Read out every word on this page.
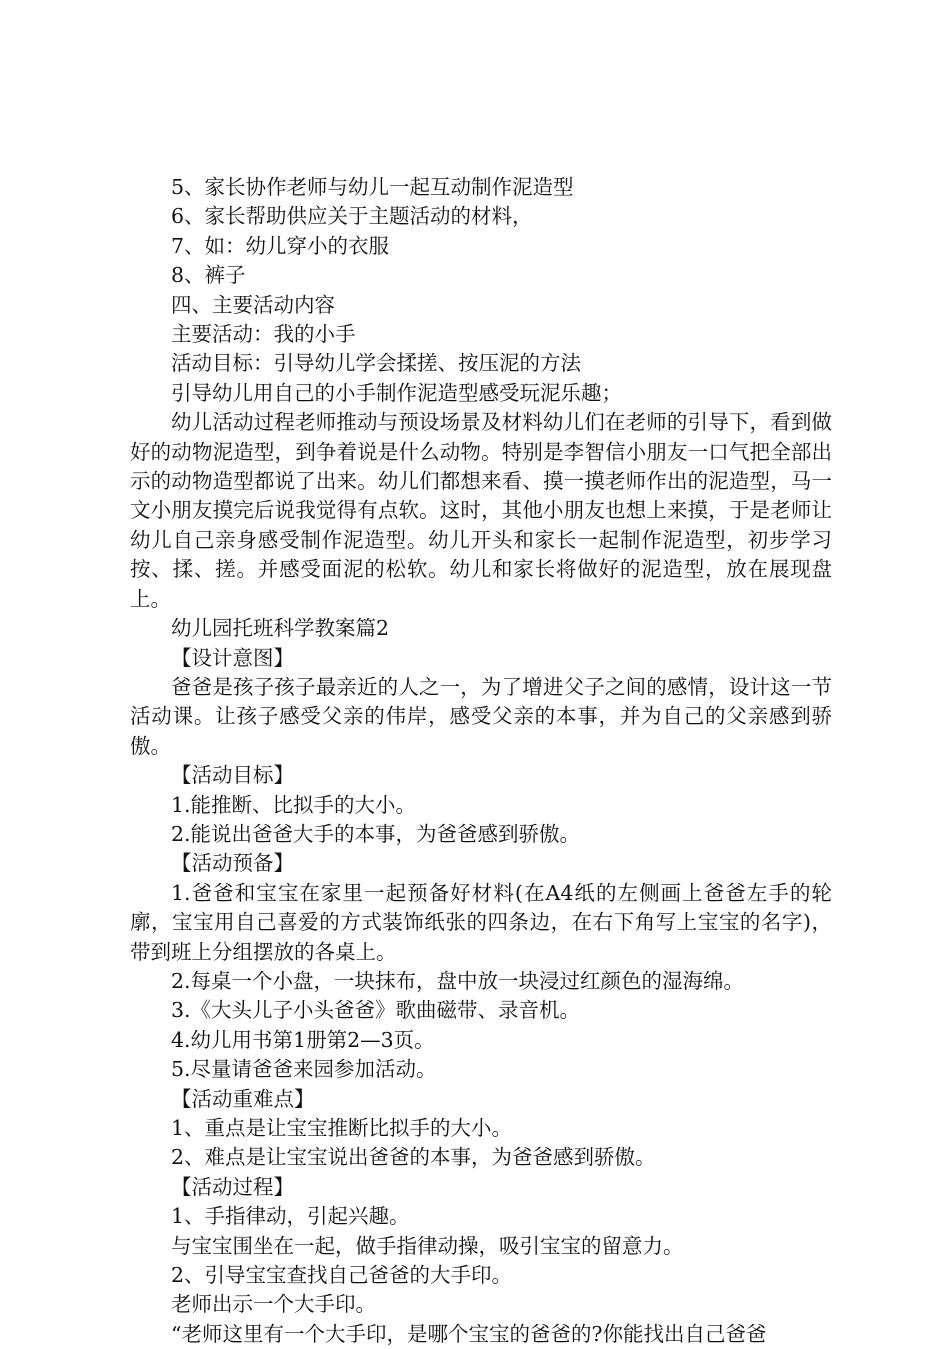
5、家长协作老师与幼儿一起互动制作泥造型

6、家长帮助供应关于主题活动的材料，

7、如：幼儿穿小的衣服

8、裤子

四、主要活动内容

主要活动：我的小手

活动目标：引导幼儿学会揉搓、按压泥的方法

引导幼儿用自己的小手制作泥造型感受玩泥乐趣；

幼儿活动过程老师推动与预设场景及材料幼儿们在老师的引导下，看到做好的动物泥造型，到争着说是什么动物。特别是李智信小朋友一口气把全部出示的动物造型都说了出来。幼儿们都想来看、摸一摸老师作出的泥造型，马一文小朋友摸完后说我觉得有点软。这时，其他小朋友也想上来摸，于是老师让幼儿自己亲身感受制作泥造型。幼儿开头和家长一起制作泥造型，初步学习按、揉、搓。并感受面泥的松软。幼儿和家长将做好的泥造型，放在展现盘上。

幼儿园托班科学教案篇2

【设计意图】

爸爸是孩子孩子最亲近的人之一，为了增进父子之间的感情，设计这一节活动课。让孩子感受父亲的伟岸，感受父亲的本事，并为自己的父亲感到骄傲。

【活动目标】

1.能推断、比拟手的大小。

2.能说出爸爸大手的本事，为爸爸感到骄傲。

【活动预备】

1.爸爸和宝宝在家里一起预备好材料(在A4纸的左侧画上爸爸左手的轮廓，宝宝用自己喜爱的方式装饰纸张的四条边，在右下角写上宝宝的名字)，带到班上分组摆放的各桌上。

2.每桌一个小盘，一块抹布，盘中放一块浸过红颜色的湿海绵。

3.《大头儿子小头爸爸》歌曲磁带、录音机。

4.幼儿用书第1册第2—3页。

5.尽量请爸爸来园参加活动。

【活动重难点】

1、重点是让宝宝推断比拟手的大小。

2、难点是让宝宝说出爸爸的本事，为爸爸感到骄傲。

【活动过程】

1、手指律动，引起兴趣。

与宝宝围坐在一起，做手指律动操，吸引宝宝的留意力。

2、引导宝宝查找自己爸爸的大手印。

老师出示一个大手印。

“老师这里有一个大手印，是哪个宝宝的爸爸的?你能找出自己爸爸
